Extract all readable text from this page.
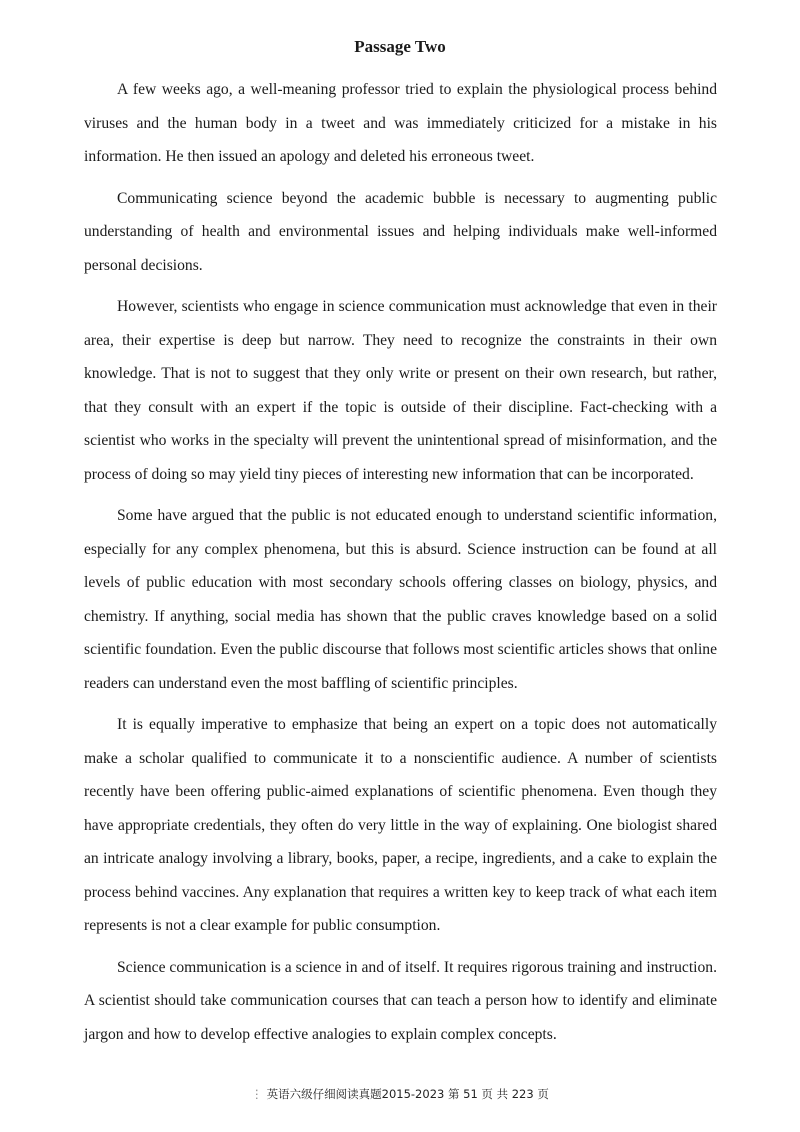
Passage Two

A few weeks ago, a well-meaning professor tried to explain the physiological process behind viruses and the human body in a tweet and was immediately criticized for a mistake in his information. He then issued an apology and deleted his erroneous tweet.

Communicating science beyond the academic bubble is necessary to augmenting public understanding of health and environmental issues and helping individuals make well-informed personal decisions.

However, scientists who engage in science communication must acknowledge that even in their area, their expertise is deep but narrow. They need to recognize the constraints in their own knowledge. That is not to suggest that they only write or present on their own research, but rather, that they consult with an expert if the topic is outside of their discipline. Fact-checking with a scientist who works in the specialty will prevent the unintentional spread of misinformation, and the process of doing so may yield tiny pieces of interesting new information that can be incorporated.

Some have argued that the public is not educated enough to understand scientific information, especially for any complex phenomena, but this is absurd. Science instruction can be found at all levels of public education with most secondary schools offering classes on biology, physics, and chemistry. If anything, social media has shown that the public craves knowledge based on a solid scientific foundation. Even the public discourse that follows most scientific articles shows that online readers can understand even the most baffling of scientific principles.

It is equally imperative to emphasize that being an expert on a topic does not automatically make a scholar qualified to communicate it to a nonscientific audience. A number of scientists recently have been offering public-aimed explanations of scientific phenomena. Even though they have appropriate credentials, they often do very little in the way of explaining. One biologist shared an intricate analogy involving a library, books, paper, a recipe, ingredients, and a cake to explain the process behind vaccines. Any explanation that requires a written key to keep track of what each item represents is not a clear example for public consumption.

Science communication is a science in and of itself. It requires rigorous training and instruction. A scientist should take communication courses that can teach a person how to identify and eliminate jargon and how to develop effective analogies to explain complex concepts.

⋮ 英语六级仔细阅读真题2015-2023 第 51 页 共 223 页
